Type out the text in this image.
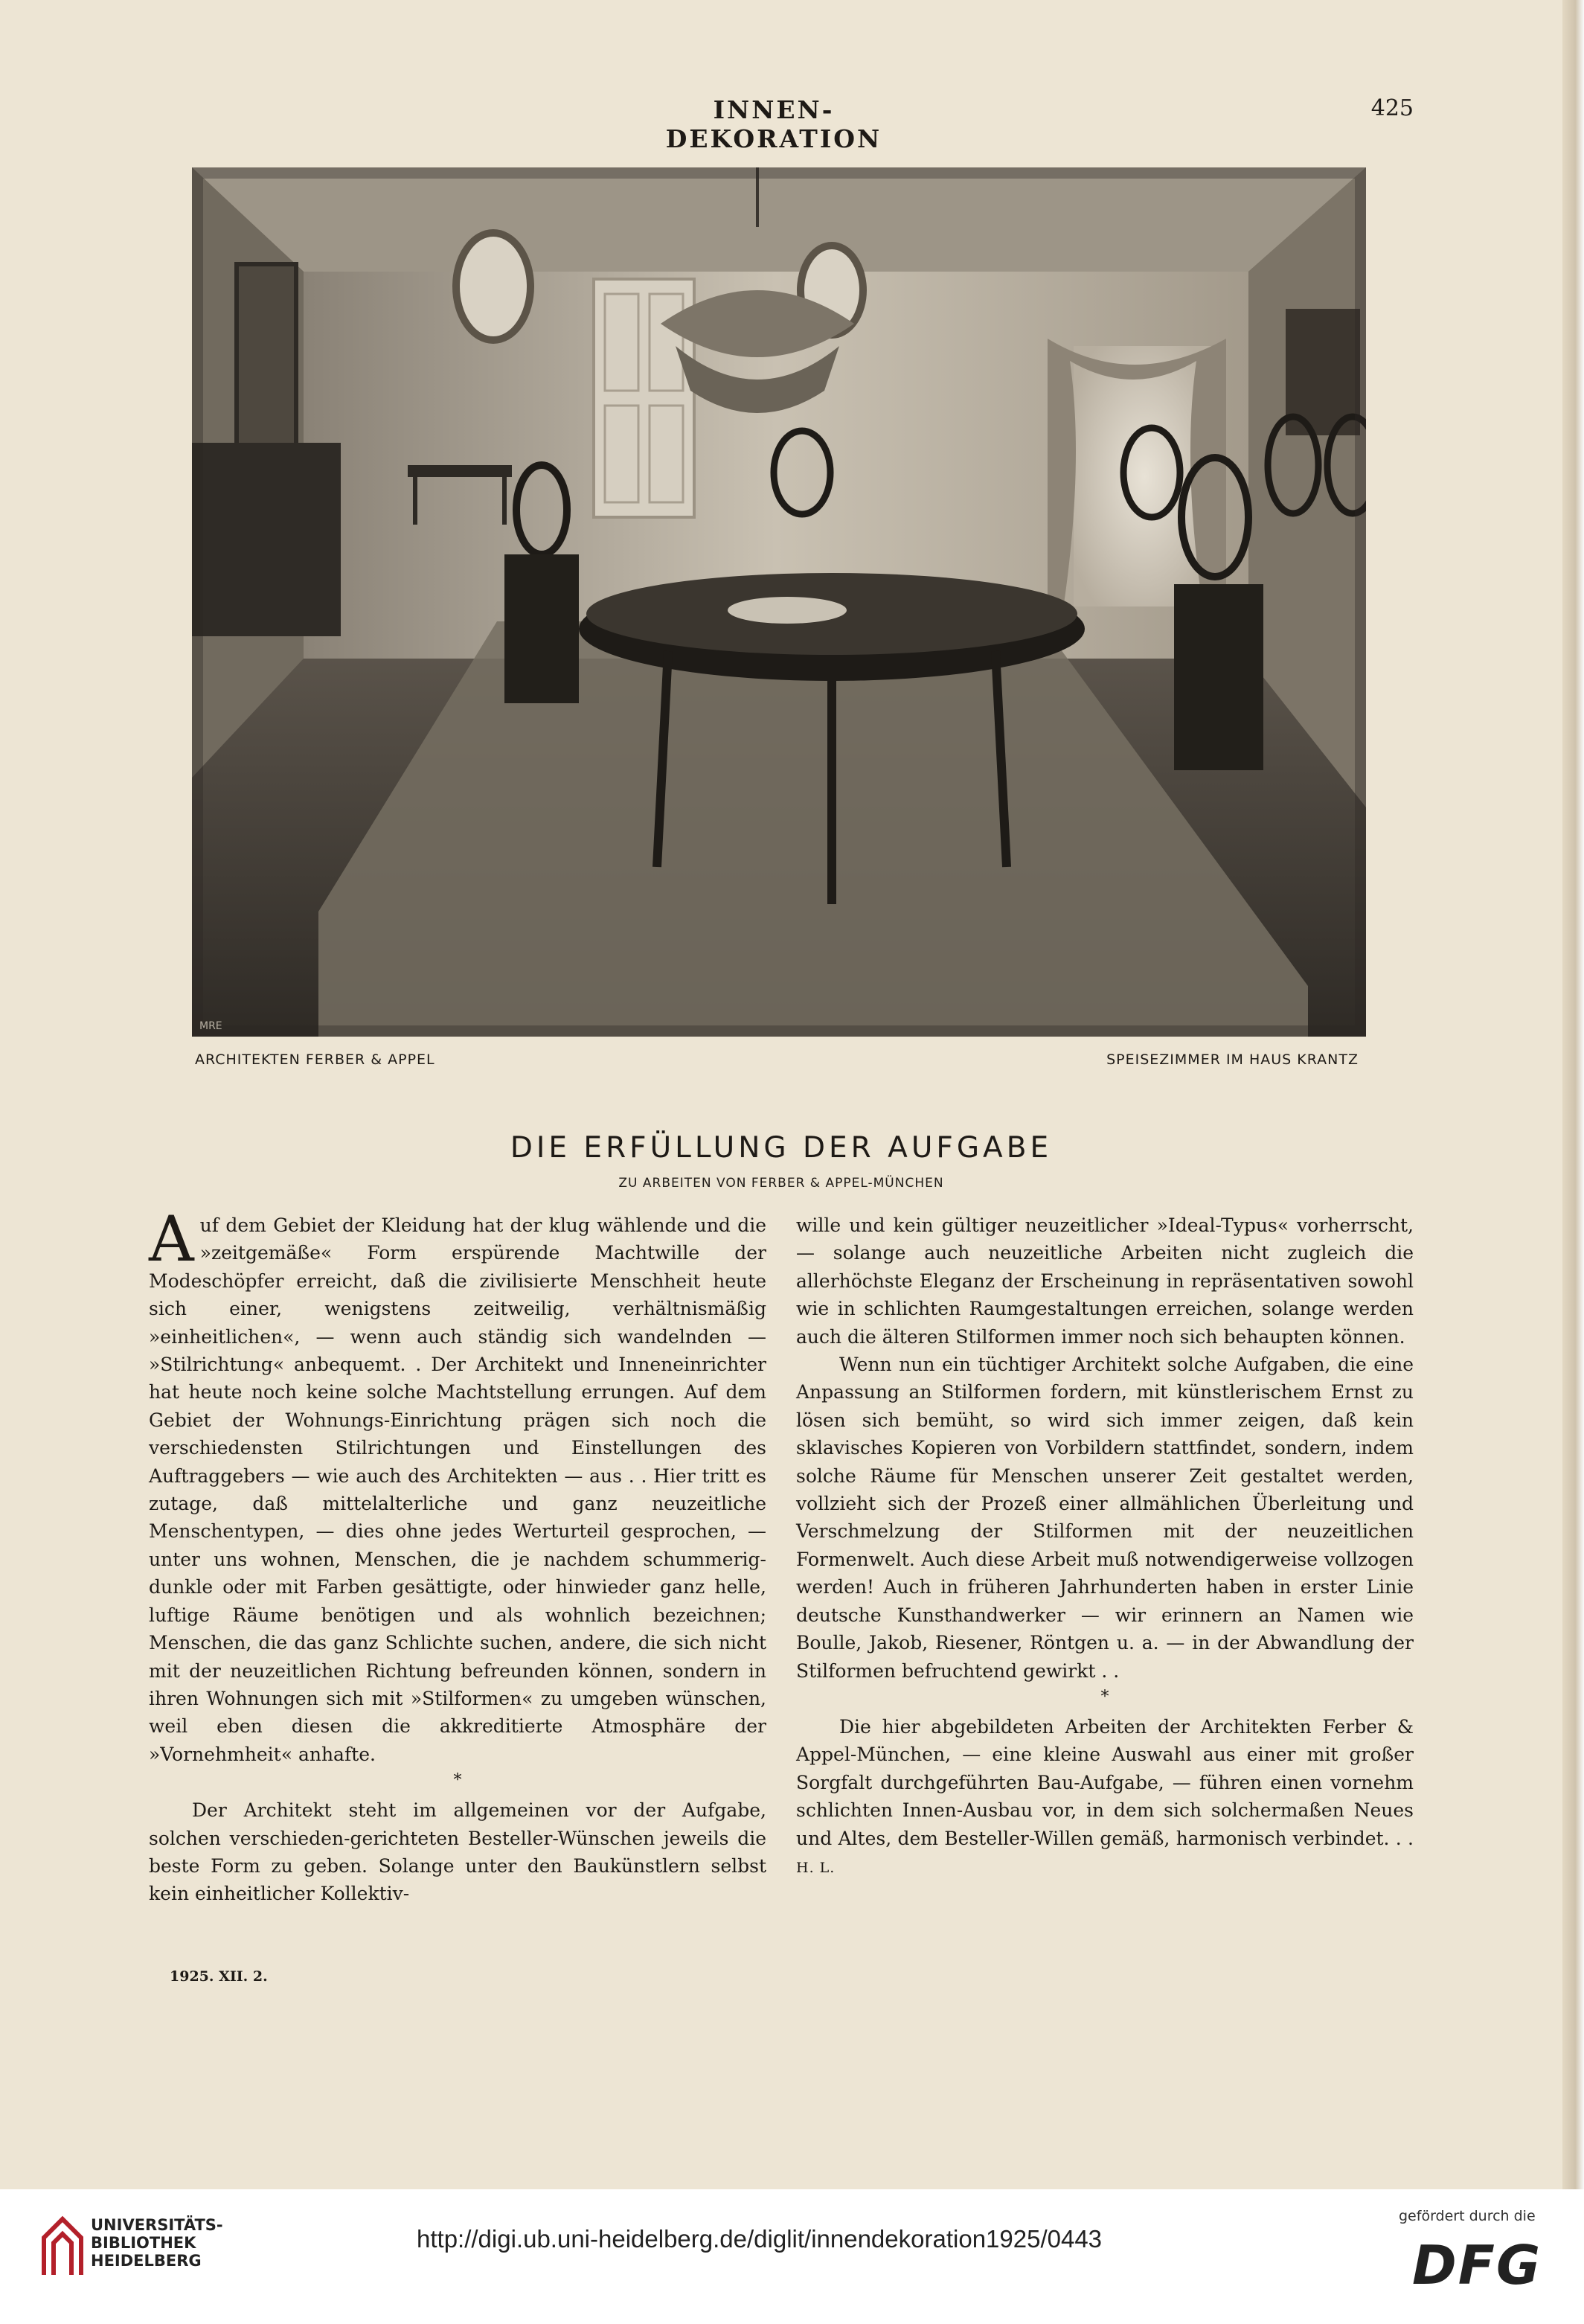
INNEN-DEKORATION
425
MRE
ARCHITEKTEN FERBER & APPEL	SPEISEZIMMER IM HAUS KRANTZ
DIE ERFÜLLUNG DER AUFGABE
ZU ARBEITEN VON FERBER & APPEL-MÜNCHEN

Auf dem Gebiet der Kleidung hat der klug wählende und die »zeitgemäße« Form erspürende Machtwille der Modeschöpfer erreicht, daß die zivilisierte Menschheit heute sich einer, wenigstens zeitweilig, verhältnismäßig »einheitlichen«, — wenn auch ständig sich wandelnden — »Stilrichtung« anbequemt. . Der Architekt und Inneneinrichter hat heute noch keine solche Machtstellung errungen. Auf dem Gebiet der Wohnungs-Einrichtung prägen sich noch die verschiedensten Stilrichtungen und Einstellungen des Auftraggebers — wie auch des Architekten — aus . . Hier tritt es zutage, daß mittelalterliche und ganz neuzeitliche Menschentypen, — dies ohne jedes Werturteil gesprochen, — unter uns wohnen, Menschen, die je nachdem schummerig-dunkle oder mit Farben gesättigte, oder hinwieder ganz helle, luftige Räume benötigen und als wohnlich bezeichnen; Menschen, die das ganz Schlichte suchen, andere, die sich nicht mit der neuzeitlichen Richtung befreunden können, sondern in ihren Wohnungen sich mit »Stilformen« zu umgeben wünschen, weil eben diesen die akkreditierte Atmosphäre der »Vornehmheit« anhafte.

*

Der Architekt steht im allgemeinen vor der Aufgabe, solchen verschieden-gerichteten Besteller-Wünschen jeweils die beste Form zu geben. Solange unter den Baukünstlern selbst kein einheitlicher Kollektiv-

wille und kein gültiger neuzeitlicher »Ideal-Typus« vorherrscht, — solange auch neuzeitliche Arbeiten nicht zugleich die allerhöchste Eleganz der Erscheinung in repräsentativen sowohl wie in schlichten Raumgestaltungen erreichen, solange werden auch die älteren Stilformen immer noch sich behaupten können.

Wenn nun ein tüchtiger Architekt solche Aufgaben, die eine Anpassung an Stilformen fordern, mit künstlerischem Ernst zu lösen sich bemüht, so wird sich immer zeigen, daß kein sklavisches Kopieren von Vorbildern stattfindet, sondern, indem solche Räume für Menschen unserer Zeit gestaltet werden, vollzieht sich der Prozeß einer allmählichen Überleitung und Verschmelzung der Stilformen mit der neuzeitlichen Formenwelt. Auch diese Arbeit muß notwendigerweise vollzogen werden! Auch in früheren Jahrhunderten haben in erster Linie deutsche Kunsthandwerker — wir erinnern an Namen wie Boulle, Jakob, Riesener, Röntgen u. a. — in der Abwandlung der Stilformen befruchtend gewirkt . .

*

Die hier abgebildeten Arbeiten der Architekten Ferber & Appel-München, — eine kleine Auswahl aus einer mit großer Sorgfalt durchgeführten Bau-Aufgabe, — führen einen vornehm schlichten Innen-Ausbau vor, in dem sich solchermaßen Neues und Altes, dem Besteller-Willen gemäß, harmonisch verbindet. . . H. L.

1925. XII. 2.
UNIVERSITÄTS-
BIBLIOTHEK
HEIDELBERG
http://digi.ub.uni-heidelberg.de/diglit/innendekoration1925/0443
gefördert durch die
DFG
